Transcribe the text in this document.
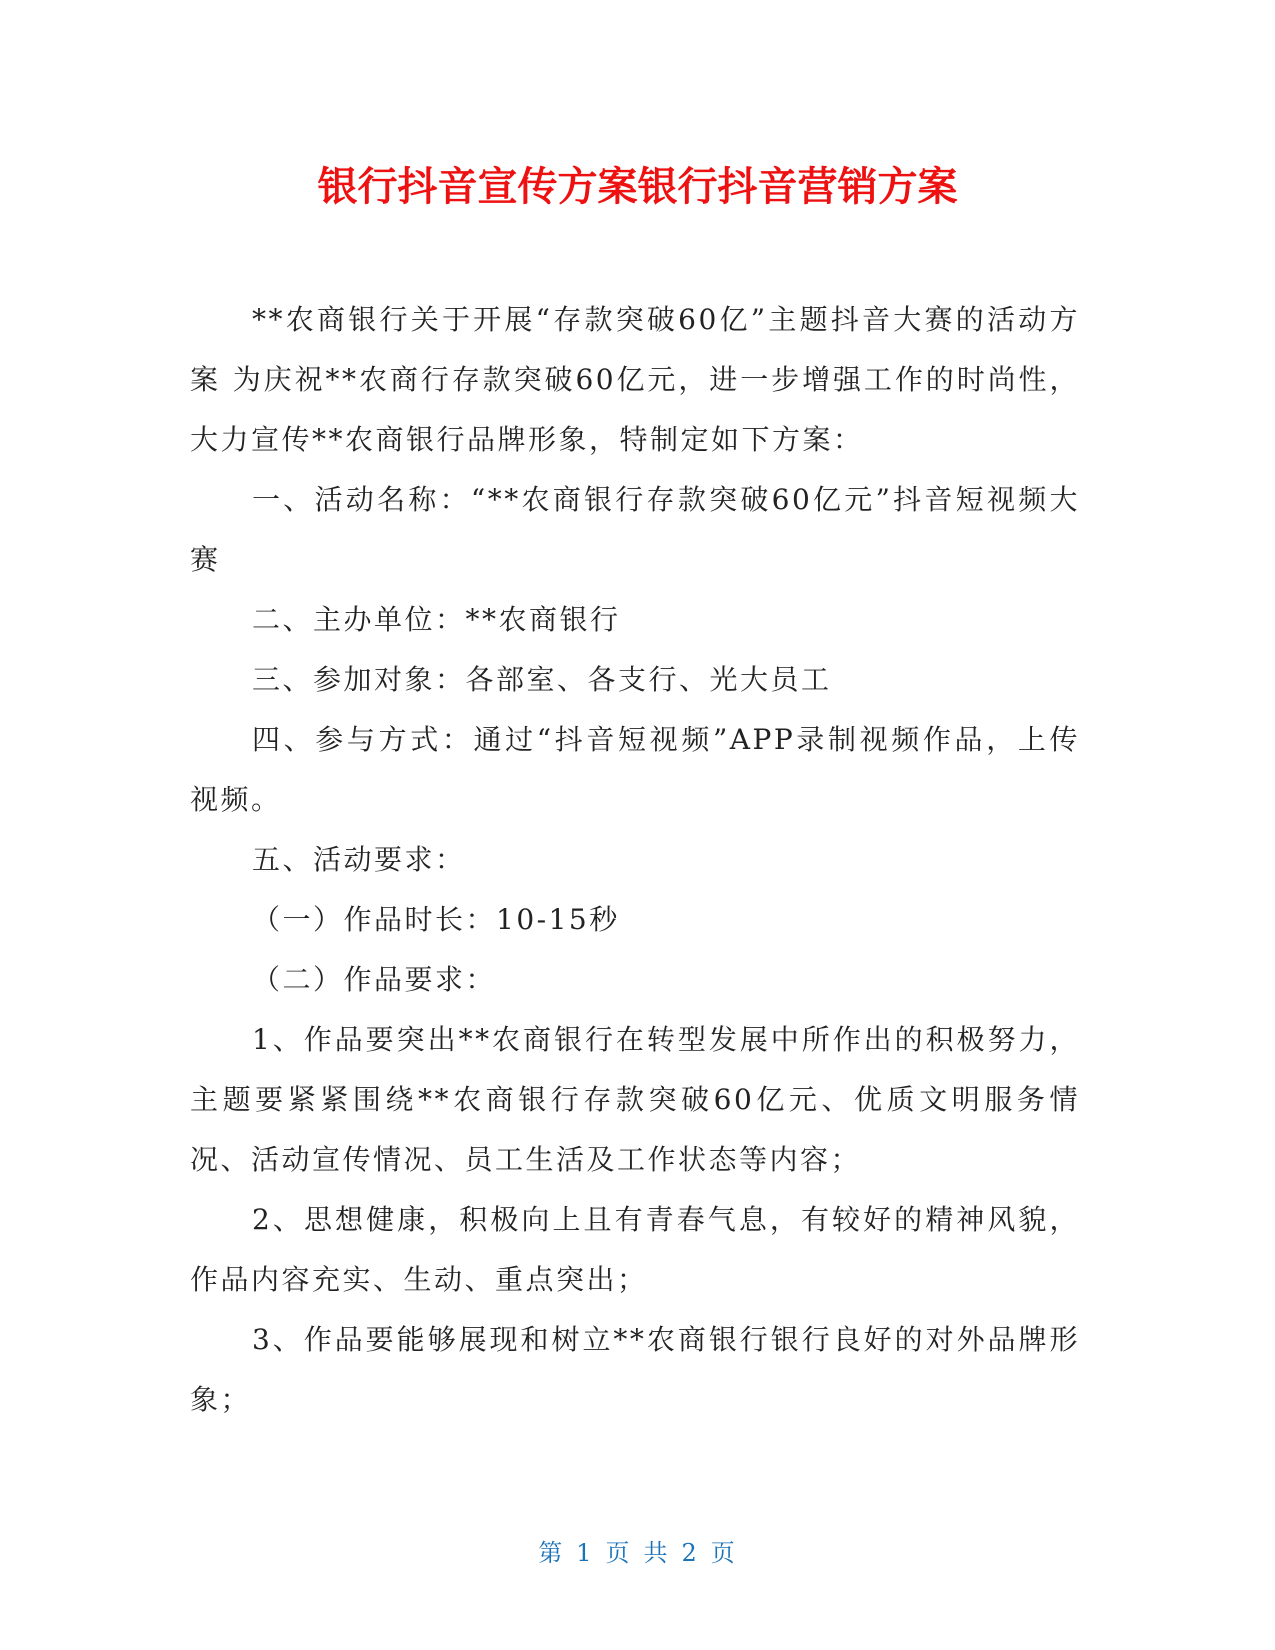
银行抖音宣传方案银行抖音营销方案

**农商银行关于开展“存款突破60亿”主题抖音大赛的活动方案 为庆祝**农商行存款突破60亿元，进一步增强工作的时尚性，大力宣传**农商银行品牌形象，特制定如下方案：

一、活动名称：“**农商银行存款突破60亿元”抖音短视频大赛

二、主办单位：**农商银行

三、参加对象：各部室、各支行、光大员工

四、参与方式：通过“抖音短视频”APP录制视频作品，上传视频。

五、活动要求：

（一）作品时长：10-15秒

（二）作品要求：

1、作品要突出**农商银行在转型发展中所作出的积极努力，主题要紧紧围绕**农商银行存款突破60亿元、优质文明服务情况、活动宣传情况、员工生活及工作状态等内容；

2、思想健康，积极向上且有青春气息，有较好的精神风貌，作品内容充实、生动、重点突出；

3、作品要能够展现和树立**农商银行银行良好的对外品牌形象；

第 1 页 共 2 页
